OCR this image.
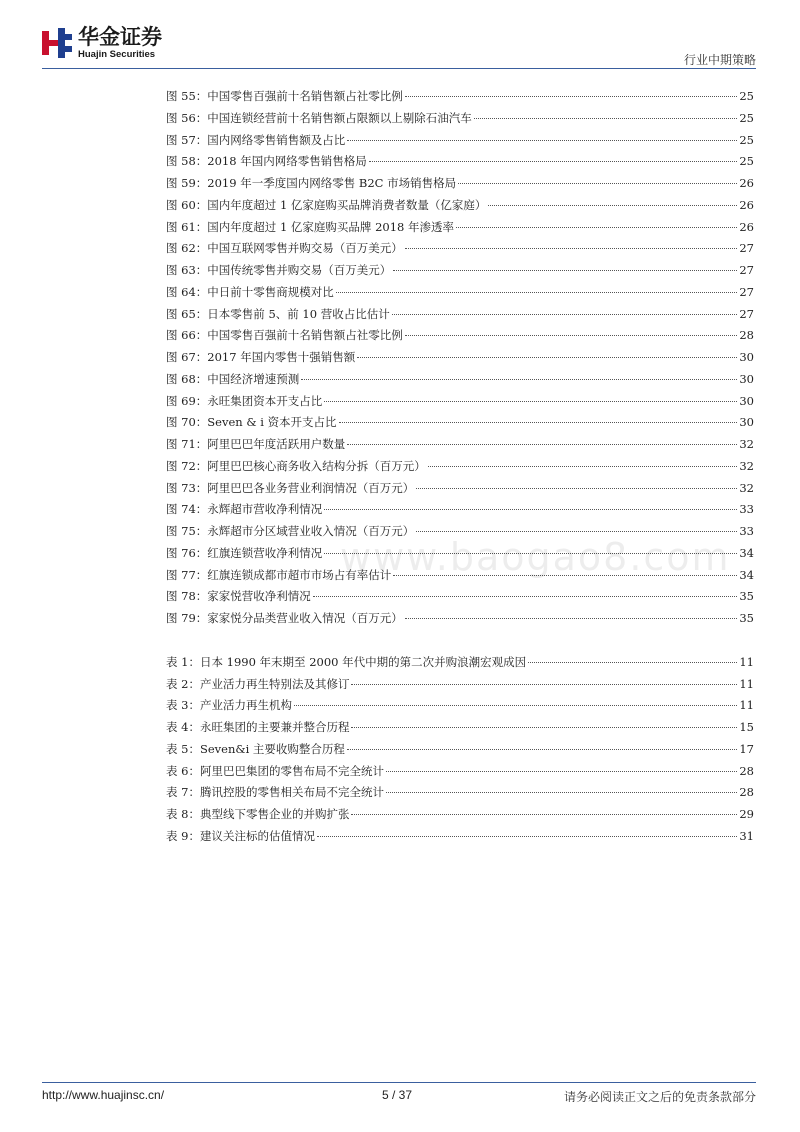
华金证券
Huajin Securities	行业中期策略
图 55：中国零售百强前十名销售额占社零比例	25
图 56：中国连锁经营前十名销售额占限额以上剔除石油汽车	25
图 57：国内网络零售销售额及占比	25
图 58：2018 年国内网络零售销售格局	25
图 59：2019 年一季度国内网络零售 B2C 市场销售格局	26
图 60：国内年度超过 1 亿家庭购买品牌消费者数量（亿家庭）	26
图 61：国内年度超过 1 亿家庭购买品牌 2018 年渗透率	26
图 62：中国互联网零售并购交易（百万美元）	27
图 63：中国传统零售并购交易（百万美元）	27
图 64：中日前十零售商规模对比	27
图 65：日本零售前 5、前 10 营收占比估计	27
图 66：中国零售百强前十名销售额占社零比例	28
图 67：2017 年国内零售十强销售额	30
图 68：中国经济增速预测	30
图 69：永旺集团资本开支占比	30
图 70：Seven & i 资本开支占比	30
图 71：阿里巴巴年度活跃用户数量	32
图 72：阿里巴巴核心商务收入结构分拆（百万元）	32
图 73：阿里巴巴各业务营业利润情况（百万元）	32
图 74：永辉超市营收净利情况	33
图 75：永辉超市分区域营业收入情况（百万元）	33
图 76：红旗连锁营收净利情况	34
图 77：红旗连锁成都市超市市场占有率估计	34
图 78：家家悦营收净利情况	35
图 79：家家悦分品类营业收入情况（百万元）	35
表 1：日本 1990 年末期至 2000 年代中期的第二次并购浪潮宏观成因	11
表 2：产业活力再生特别法及其修订	11
表 3：产业活力再生机构	11
表 4：永旺集团的主要兼并整合历程	15
表 5：Seven&i 主要收购整合历程	17
表 6：阿里巴巴集团的零售布局不完全统计	28
表 7：腾讯控股的零售相关布局不完全统计	28
表 8：典型线下零售企业的并购扩张	29
表 9：建议关注标的估值情况	31
www.baogao8.com
http://www.huajinsc.cn/	5 / 37	请务必阅读正文之后的免责条款部分
